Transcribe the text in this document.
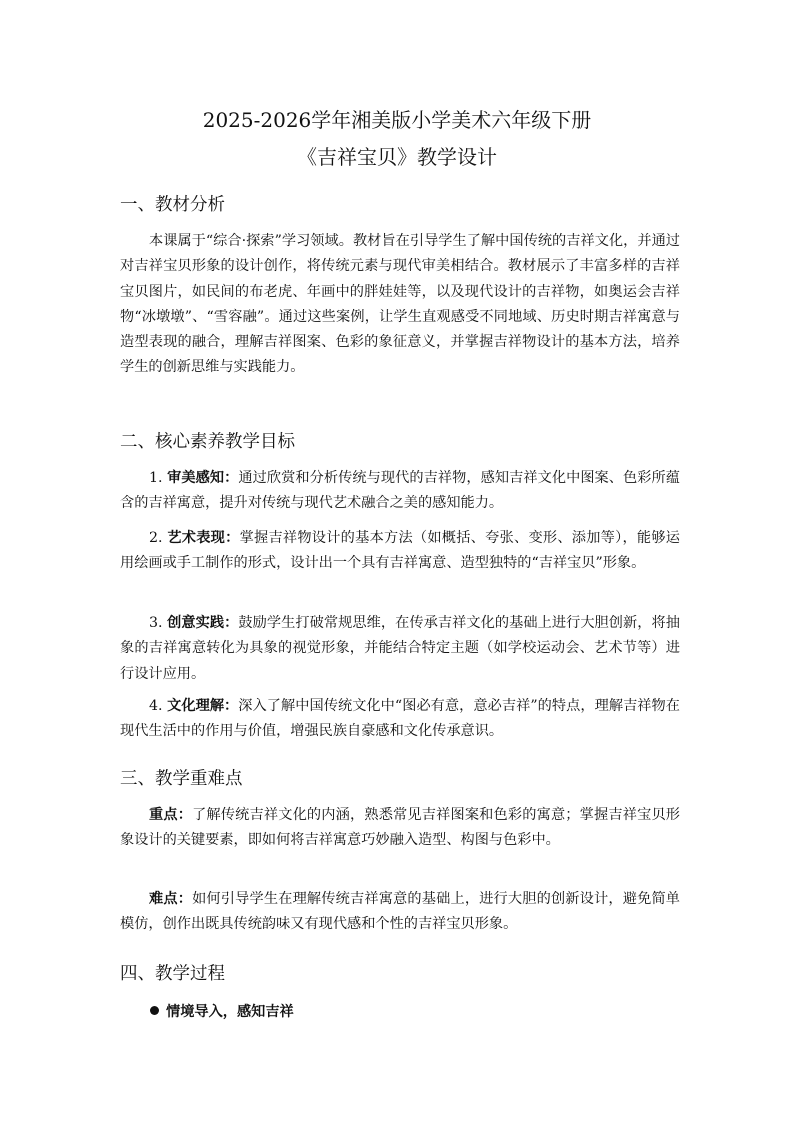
2025-2026学年湘美版小学美术六年级下册
《吉祥宝贝》教学设计
一、教材分析
本课属于“综合·探索”学习领域。教材旨在引导学生了解中国传统的吉祥文化，并通过对吉祥宝贝形象的设计创作，将传统元素与现代审美相结合。教材展示了丰富多样的吉祥宝贝图片，如民间的布老虎、年画中的胖娃娃等，以及现代设计的吉祥物，如奥运会吉祥物“冰墩墩”、“雪容融”。通过这些案例，让学生直观感受不同地域、历史时期吉祥寓意与造型表现的融合，理解吉祥图案、色彩的象征意义，并掌握吉祥物设计的基本方法，培养学生的创新思维与实践能力。
二、核心素养教学目标
1. 审美感知：通过欣赏和分析传统与现代的吉祥物，感知吉祥文化中图案、色彩所蕴含的吉祥寓意，提升对传统与现代艺术融合之美的感知能力。
2. 艺术表现：掌握吉祥物设计的基本方法（如概括、夸张、变形、添加等），能够运用绘画或手工制作的形式，设计出一个具有吉祥寓意、造型独特的“吉祥宝贝”形象。
3. 创意实践：鼓励学生打破常规思维，在传承吉祥文化的基础上进行大胆创新，将抽象的吉祥寓意转化为具象的视觉形象，并能结合特定主题（如学校运动会、艺术节等）进行设计应用。
4. 文化理解：深入了解中国传统文化中“图必有意，意必吉祥”的特点，理解吉祥物在现代生活中的作用与价值，增强民族自豪感和文化传承意识。
三、教学重难点
重点：了解传统吉祥文化的内涵，熟悉常见吉祥图案和色彩的寓意；掌握吉祥宝贝形象设计的关键要素，即如何将吉祥寓意巧妙融入造型、构图与色彩中。
难点：如何引导学生在理解传统吉祥寓意的基础上，进行大胆的创新设计，避免简单模仿，创作出既具传统韵味又有现代感和个性的吉祥宝贝形象。
四、教学过程
情境导入，感知吉祥
